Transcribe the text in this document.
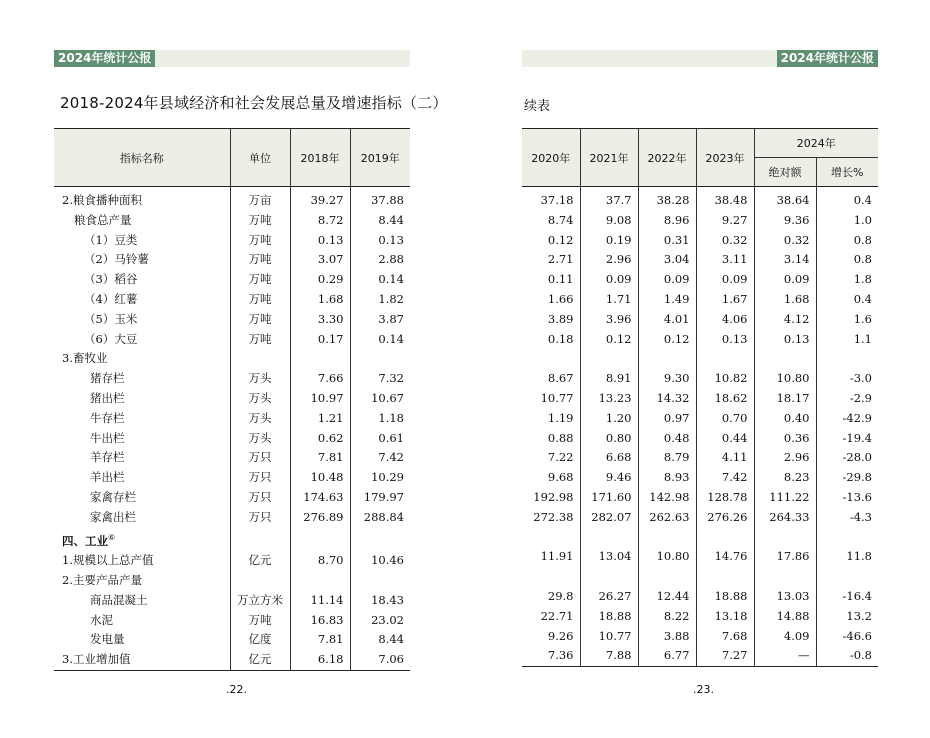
2024年统计公报
2018-2024年县域经济和社会发展总量及增速指标（二）
指标名称	单位	2018年	2019年
2.粮食播种面积	万亩	39.27	37.88
粮食总产量	万吨	8.72	8.44
（1）豆类	万吨	0.13	0.13
（2）马铃薯	万吨	3.07	2.88
（3）稻谷	万吨	0.29	0.14
（4）红薯	万吨	1.68	1.82
（5）玉米	万吨	3.30	3.87
（6）大豆	万吨	0.17	0.14
3.畜牧业			
猪存栏	万头	7.66	7.32
猪出栏	万头	10.97	10.67
牛存栏	万头	1.21	1.18
牛出栏	万头	0.62	0.61
羊存栏	万只	7.81	7.42
羊出栏	万只	10.48	10.29
家禽存栏	万只	174.63	179.97
家禽出栏	万只	276.89	288.84
四、工业⑥			
1.规模以上总产值	亿元	8.70	10.46
2.主要产品产量			
商品混凝土	万立方米	11.14	18.43
水泥	万吨	16.83	23.02
发电量	亿度	7.81	8.44
3.工业增加值	亿元	6.18	7.06
.22.
2024年统计公报
续表
2020年	2021年	2022年	2023年	2024年	
				绝对额	增长%
37.18	37.7	38.28	38.48	38.64	0.4
8.74	9.08	8.96	9.27	9.36	1.0
0.12	0.19	0.31	0.32	0.32	0.8
2.71	2.96	3.04	3.11	3.14	0.8
0.11	0.09	0.09	0.09	0.09	1.8
1.66	1.71	1.49	1.67	1.68	0.4
3.89	3.96	4.01	4.06	4.12	1.6
0.18	0.12	0.12	0.13	0.13	1.1

8.67	8.91	9.30	10.82	10.80	-3.0
10.77	13.23	14.32	18.62	18.17	-2.9
1.19	1.20	0.97	0.70	0.40	-42.9
0.88	0.80	0.48	0.44	0.36	-19.4
7.22	6.68	8.79	4.11	2.96	-28.0
9.68	9.46	8.93	7.42	8.23	-29.8
192.98	171.60	142.98	128.78	111.22	-13.6
272.38	282.07	262.63	276.26	264.33	-4.3

11.91	13.04	10.80	14.76	17.86	11.8

29.8	26.27	12.44	18.88	13.03	-16.4
22.71	18.88	8.22	13.18	14.88	13.2
9.26	10.77	3.88	7.68	4.09	-46.6
7.36	7.88	6.77	7.27	—	-0.8
.23.
